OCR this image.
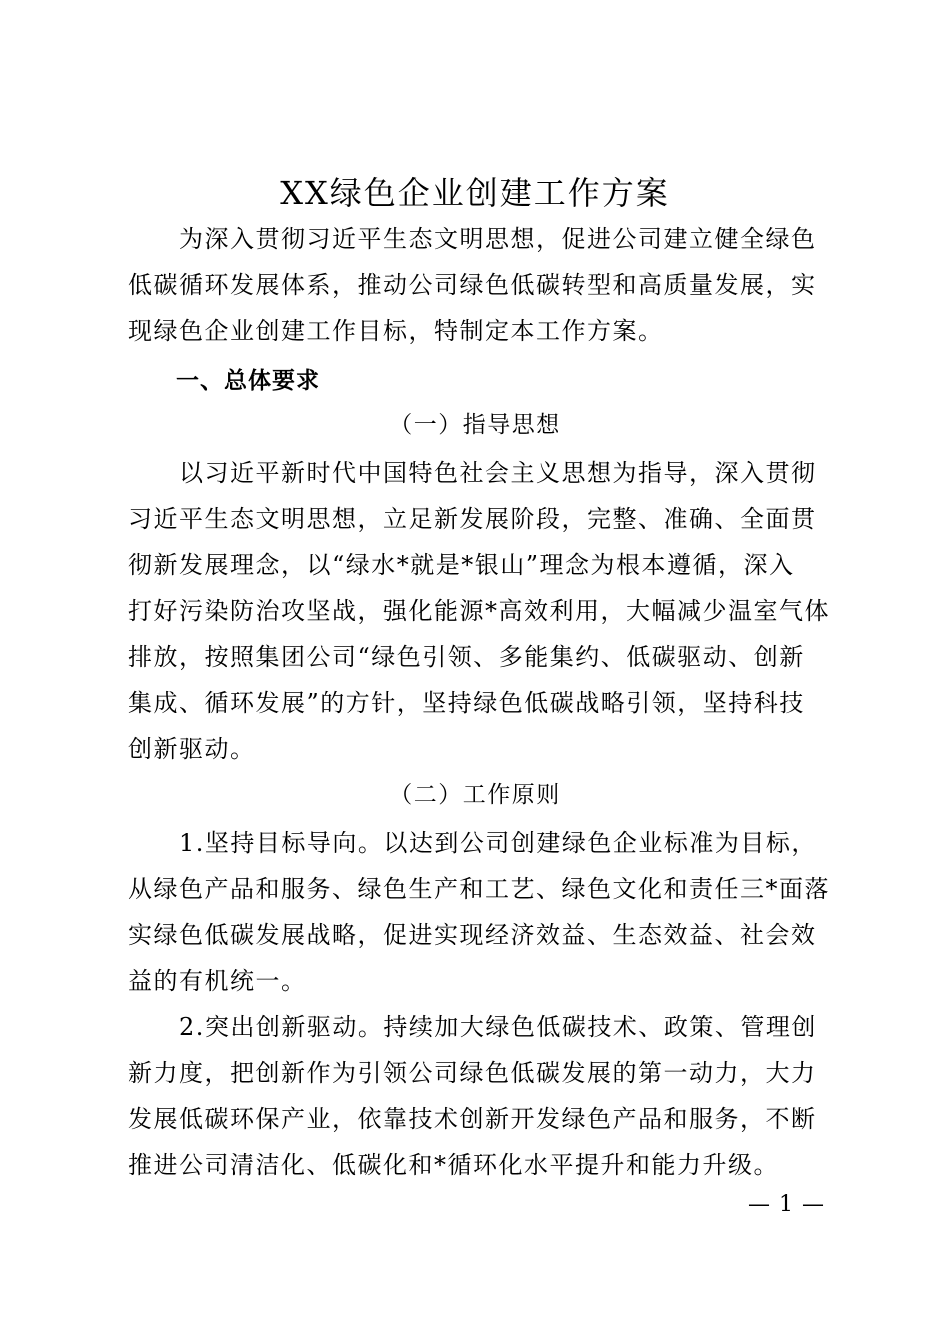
XX绿色企业创建工作方案
　　为深入贯彻习近平生态文明思想，促进公司建立健全绿色
低碳循环发展体系，推动公司绿色低碳转型和高质量发展，实
现绿色企业创建工作目标，特制定本工作方案。
一、总体要求
（一）指导思想
　　以习近平新时代中国特色社会主义思想为指导，深入贯彻
习近平生态文明思想，立足新发展阶段，完整、准确、全面贯
彻新发展理念，以“绿水*就是*银山”理念为根本遵循，深入
打好污染防治攻坚战，强化能源*高效利用，大幅减少温室气体
排放，按照集团公司“绿色引领、多能集约、低碳驱动、创新
集成、循环发展”的方针，坚持绿色低碳战略引领，坚持科技
创新驱动。
（二）工作原则
　　1.坚持目标导向。以达到公司创建绿色企业标准为目标，
从绿色产品和服务、绿色生产和工艺、绿色文化和责任三*面落
实绿色低碳发展战略，促进实现经济效益、生态效益、社会效
益的有机统一。
　　2.突出创新驱动。持续加大绿色低碳技术、政策、管理创
新力度，把创新作为引领公司绿色低碳发展的第一动力，大力
发展低碳环保产业，依靠技术创新开发绿色产品和服务，不断
推进公司清洁化、低碳化和*循环化水平提升和能力升级。
— 1 —
